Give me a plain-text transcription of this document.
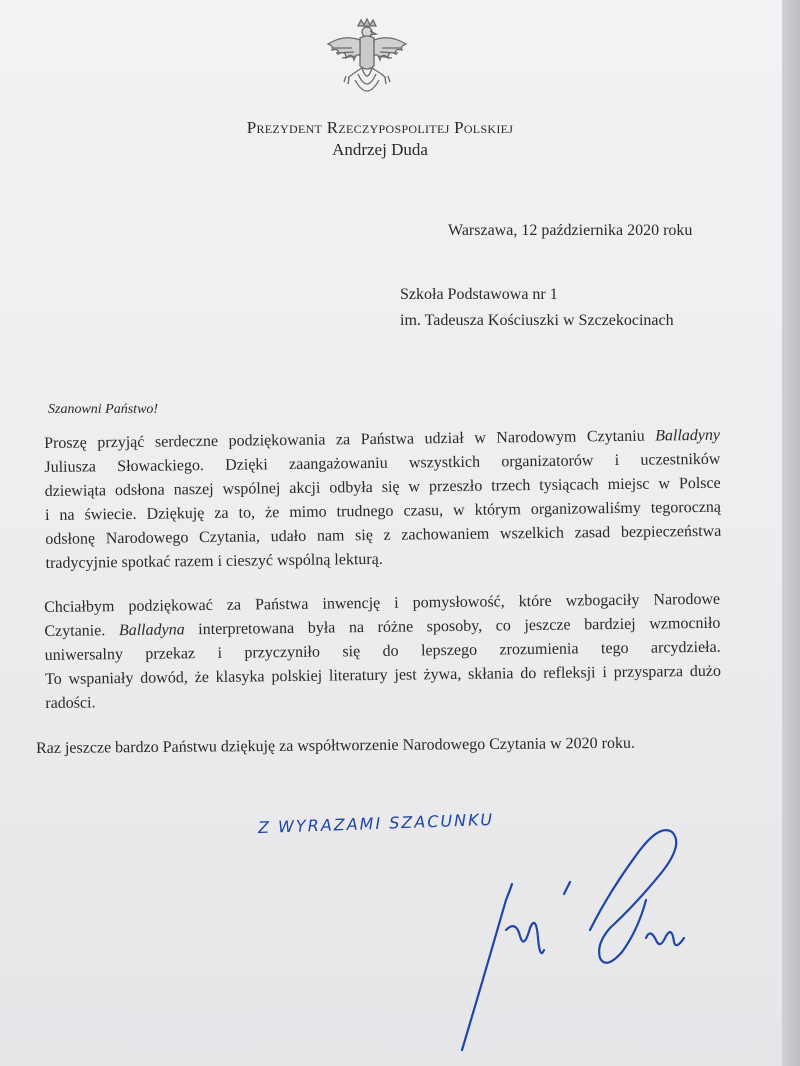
Prezydent Rzeczypospolitej Polskiej
Andrzej Duda
Warszawa, 12 października 2020 roku
Szkoła Podstawowa nr 1
im. Tadeusza Kościuszki w Szczekocinach
Szanowni Państwo!
Proszę przyjąć serdeczne podziękowania za Państwa udział w Narodowym Czytaniu Balladyny
Juliusza Słowackiego. Dzięki zaangażowaniu wszystkich organizatorów i uczestników
dziewiąta odsłona naszej wspólnej akcji odbyła się w przeszło trzech tysiącach miejsc w Polsce
i na świecie. Dziękuję za to, że mimo trudnego czasu, w którym organizowaliśmy tegoroczną
odsłonę Narodowego Czytania, udało nam się z zachowaniem wszelkich zasad bezpieczeństwa
tradycyjnie spotkać razem i cieszyć wspólną lekturą.
Chciałbym podziękować za Państwa inwencję i pomysłowość, które wzbogaciły Narodowe
Czytanie. Balladyna interpretowana była na różne sposoby, co jeszcze bardziej wzmocniło
uniwersalny przekaz i przyczyniło się do lepszego zrozumienia tego arcydzieła.
To wspaniały dowód, że klasyka polskiej literatury jest żywa, skłania do refleksji i przysparza dużo
radości.
Raz jeszcze bardzo Państwu dziękuję za współtworzenie Narodowego Czytania w 2020 roku.
Z WYRAZAMI SZACUNKU
